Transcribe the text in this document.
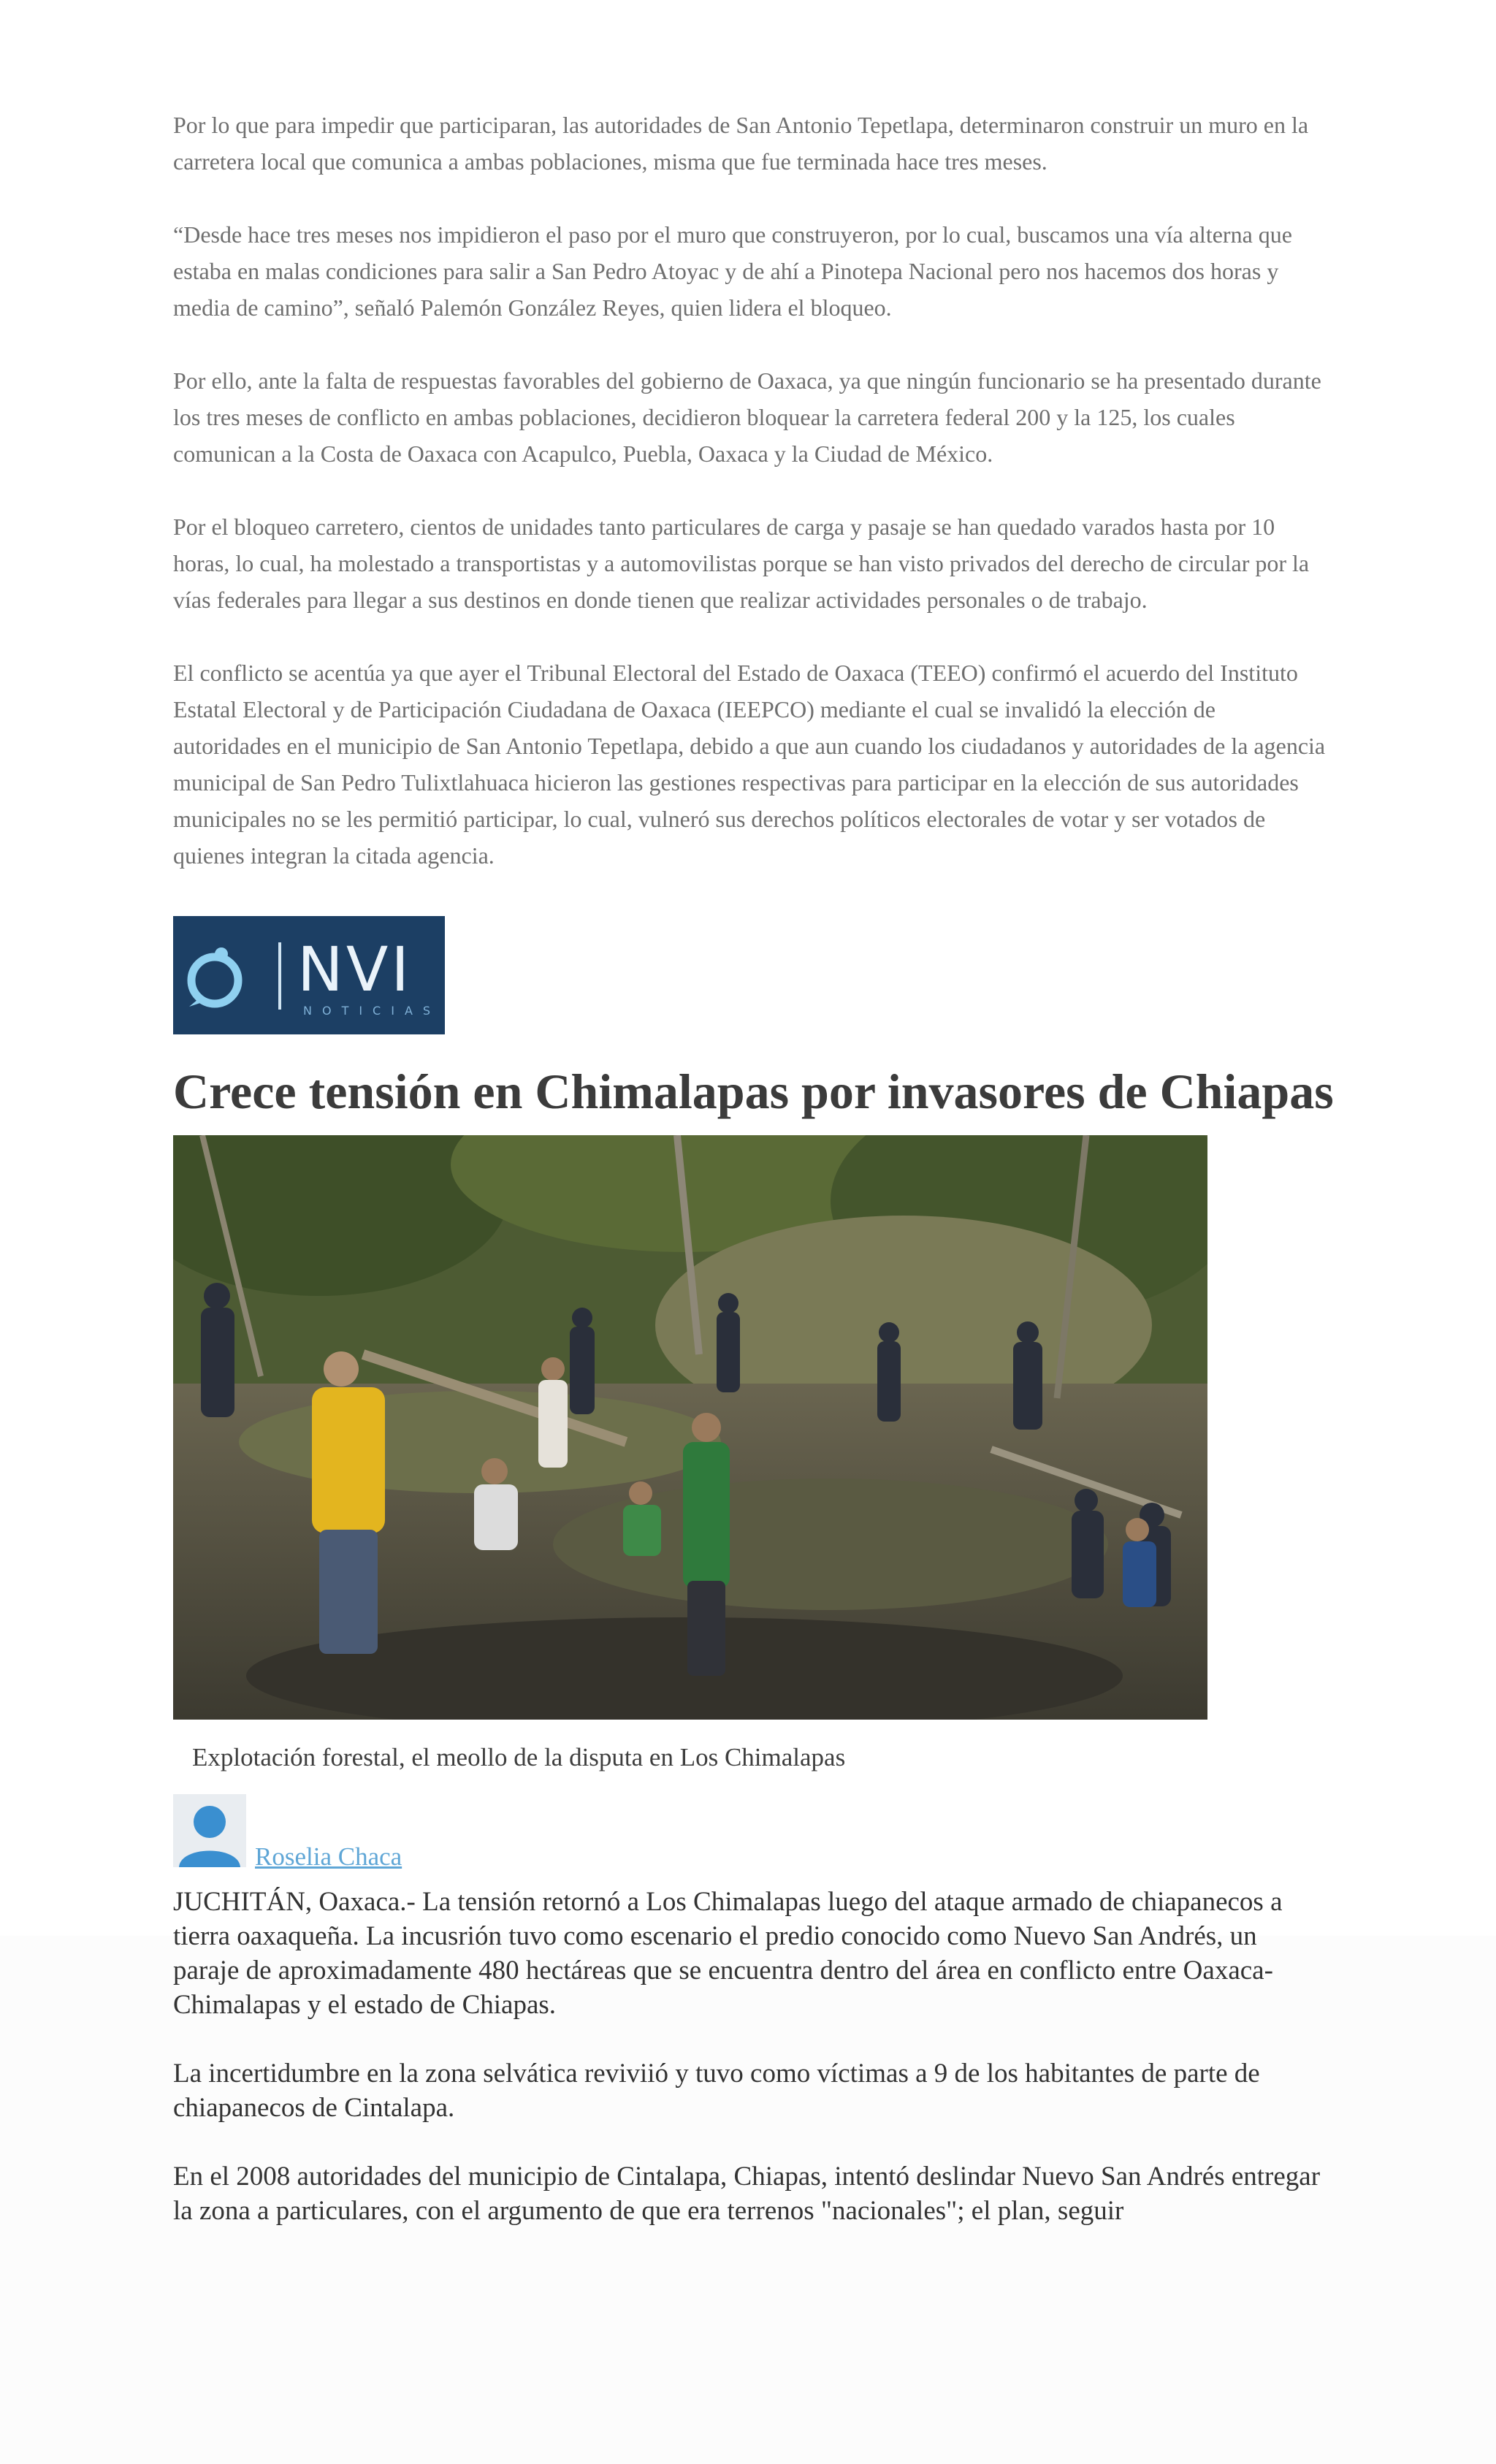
Por lo que para impedir que participaran, las autoridades de San Antonio Tepetlapa, determinaron construir un muro en la carretera local que comunica a ambas poblaciones, misma que fue terminada hace tres meses.

“Desde hace tres meses nos impidieron el paso por el muro que construyeron, por lo cual, buscamos una vía alterna que estaba en malas condiciones para salir a San Pedro Atoyac y de ahí a Pinotepa Nacional pero nos hacemos dos horas y media de camino”, señaló Palemón González Reyes, quien lidera el bloqueo.

Por ello, ante la falta de respuestas favorables del gobierno de Oaxaca, ya que ningún funcionario se ha presentado durante los tres meses de conflicto en ambas poblaciones, decidieron bloquear la carretera federal 200 y la 125, los cuales comunican a la Costa de Oaxaca con Acapulco, Puebla, Oaxaca y la Ciudad de México.

Por el bloqueo carretero, cientos de unidades tanto particulares de carga y pasaje se han quedado varados hasta por 10 horas, lo cual, ha molestado a transportistas y a automovilistas porque se han visto privados del derecho de circular por la vías federales para llegar a sus destinos en donde tienen que realizar actividades personales o de trabajo.

El conflicto se acentúa ya que ayer el Tribunal Electoral del Estado de Oaxaca (TEEO) confirmó el acuerdo del Instituto Estatal Electoral y de Participación Ciudadana de Oaxaca (IEEPCO) mediante el cual se invalidó la elección de autoridades en el municipio de San Antonio Tepetlapa, debido a que aun cuando los ciudadanos y autoridades de la agencia municipal de San Pedro Tulixtlahuaca hicieron las gestiones respectivas para participar en la elección de sus autoridades municipales no se les permitió participar, lo cual, vulneró sus derechos políticos electorales de votar y ser votados de quienes integran la citada agencia.

NVI
NOTICIAS
Crece tensión en Chimalapas por invasores de Chiapas
Explotación forestal, el meollo de la disputa en Los Chimalapas
Roselia Chaca

JUCHITÁN, Oaxaca.- La tensión retornó a Los Chimalapas luego del ataque armado de chiapanecos a tierra oaxaqueña. La incusrión tuvo como escenario el predio conocido como Nuevo San Andrés, un paraje de aproximadamente 480 hectáreas que se encuentra dentro del área en conflicto entre Oaxaca-Chimalapas y el estado de Chiapas.

La incertidumbre en la zona selvática reviviió y tuvo como víctimas a 9 de los habitantes de parte de chiapanecos de Cintalapa.

En el 2008 autoridades del municipio de Cintalapa, Chiapas, intentó deslindar Nuevo San Andrés entregar la zona a particulares, con el argumento de que era terrenos "nacionales"; el plan, seguir
